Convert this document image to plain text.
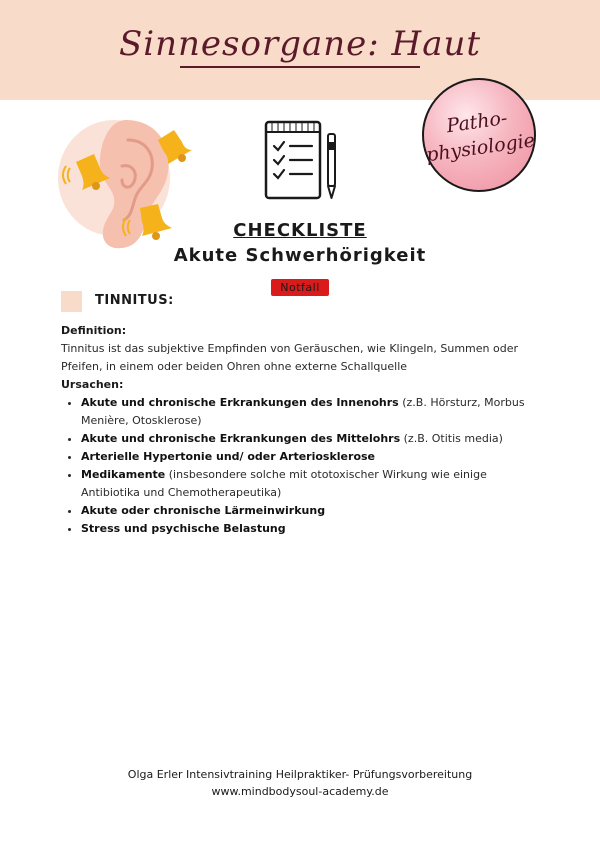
Sinnesorgane: Haut
Patho-
physiologie
CHECKLISTE
Akute Schwerhörigkeit
Notfall
TINNITUS:
Definition:
Tinnitus ist das subjektive Empfinden von Geräuschen, wie Klingeln, Summen oder Pfeifen, in einem oder beiden Ohren ohne externe Schallquelle
Ursachen:
• Akute und chronische Erkrankungen des Innenohrs (z.B. Hörsturz, Morbus Menière, Otosklerose)
• Akute und chronische Erkrankungen des Mittelohrs (z.B. Otitis media)
• Arterielle Hypertonie und/ oder Arteriosklerose
• Medikamente (insbesondere solche mit ototoxischer Wirkung wie einige Antibiotika und Chemotherapeutika)
• Akute oder chronische Lärmeinwirkung
• Stress und psychische Belastung
Olga Erler Intensivtraining Heilpraktiker- Prüfungsvorbereitung
www.mindbodysoul-academy.de
